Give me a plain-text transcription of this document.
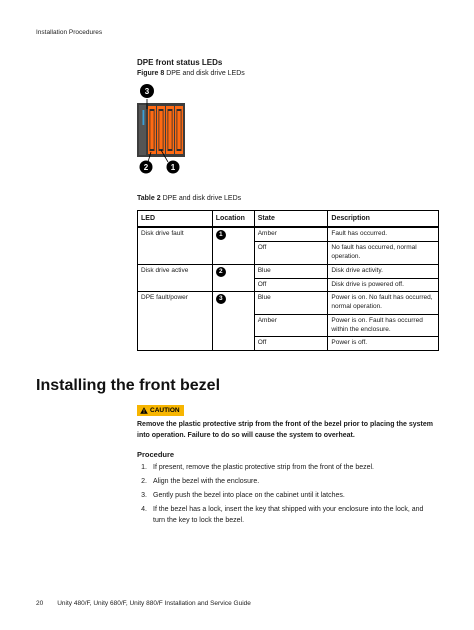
Installation Procedures
DPE front status LEDs
Figure 8 DPE and disk drive LEDs
3
2	1
Table 2 DPE and disk drive LEDs
LED	Location	State	Description
Disk drive fault	1	Amber	Fault has occurred.
		Off	No fault has occurred, normal operation.
Disk drive active	2	Blue	Disk drive activity.
		Off	Disk drive is powered off.
DPE fault/power	3	Blue	Power is on. No fault has occurred, normal operation.
		Amber	Power is on. Fault has occurred within the enclosure.
		Off	Power is off.
Installing the front bezel
CAUTION
Remove the plastic protective strip from the front of the bezel prior to placing the system into operation. Failure to do so will cause the system to overheat.
Procedure
1. If present, remove the plastic protective strip from the front of the bezel.
2. Align the bezel with the enclosure.
3. Gently push the bezel into place on the cabinet until it latches.
4. If the bezel has a lock, insert the key that shipped with your enclosure into the lock, and turn the key to lock the bezel.
20 Unity 480/F, Unity 680/F, Unity 880/F Installation and Service Guide
